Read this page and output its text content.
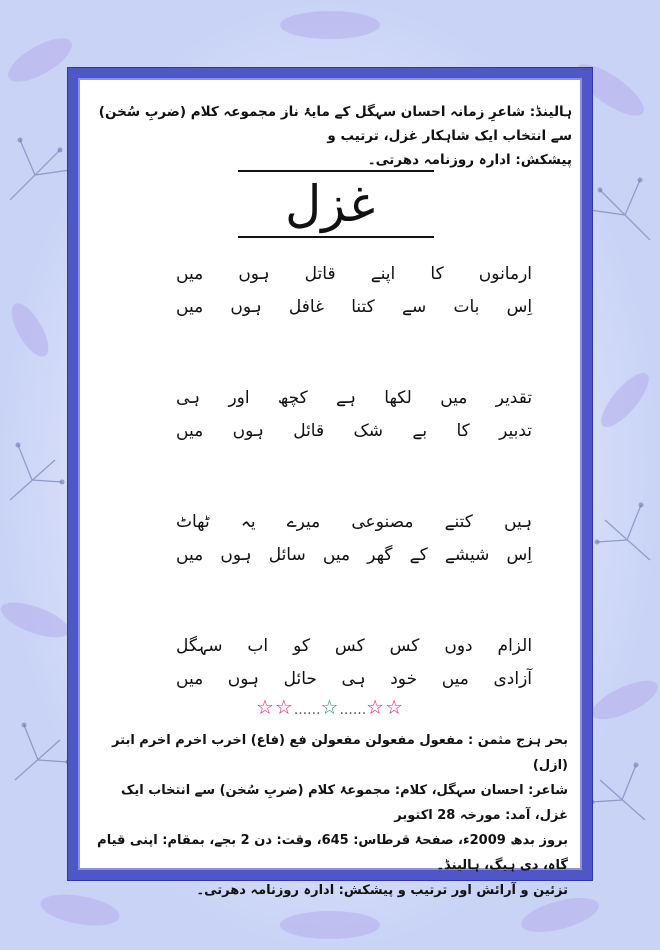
ہالینڈ: شاعرِ زمانہ احسان سہگل کے مایۂ ناز مجموعہ کلام (ضربِ سُخن) سے انتخاب ایک شاہکار غزل، ترتیب و

پیشکش: ادارہ روزنامہ دھرتی۔

غزل
ارمانوں کا اپنے قاتل ہوں میں
اِس بات سے کتنا غافل ہوں میں
تقدیر میں لکھا ہے کچھ اور ہی
تدبیر کا بے شک قائل ہوں میں
ہیں کتنے مصنوعی میرے یہ ٹھاٹ
اِس شیشے کے گھر میں سائل ہوں میں
الزام دوں کس کس کو اب سہگل
آزادی میں خود ہی حائل ہوں میں
☆☆......☆......☆☆

بحر ہزج مثمن : مفعول مفعولن مفعولن فع (فاع) اخرب اخرم اخرم ابتر (ازل)

شاعر: احسان سہگل، کلام: مجموعۂ کلام (ضربِ سُخن) سے انتخاب ایک غزل، آمد: مورخہ 28 اکتوبر

بروز بدھ 2009ء، صفحۂ قرطاس: 645، وقت: دن 2 بجے، بمقام: اپنی قیام گاہ، دی ہیگ، ہالینڈ۔

تزئین و آرائش اور ترتیب و پیشکش: ادارہ روزنامہ دھرتی۔
